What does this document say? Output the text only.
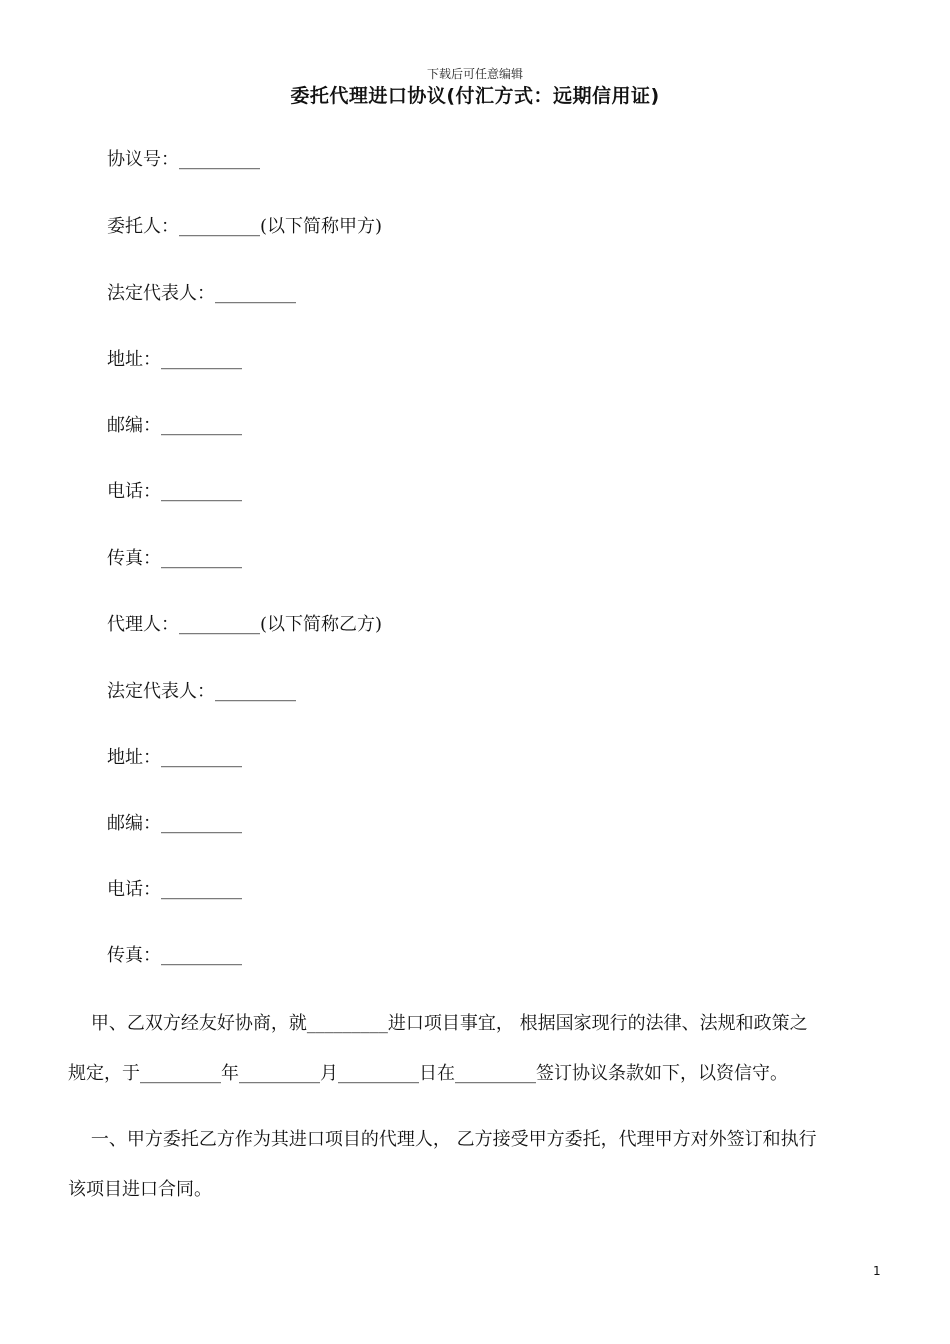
下载后可任意编辑
委托代理进口协议(付汇方式：远期信用证)
协议号：_________
委托人：_________(以下简称甲方)
法定代表人：_________
地址：_________
邮编：_________
电话：_________
传真：_________
代理人：_________(以下简称乙方)
法定代表人：_________
地址：_________
邮编：_________
电话：_________
传真：_________
甲、乙双方经友好协商，就_________进口项目事宜， 根据国家现行的法律、法规和政策之
规定，于_________年_________月_________日在_________签订协议条款如下，以资信守。
一、甲方委托乙方作为其进口项目的代理人， 乙方接受甲方委托，代理甲方对外签订和执行
该项目进口合同。
1
